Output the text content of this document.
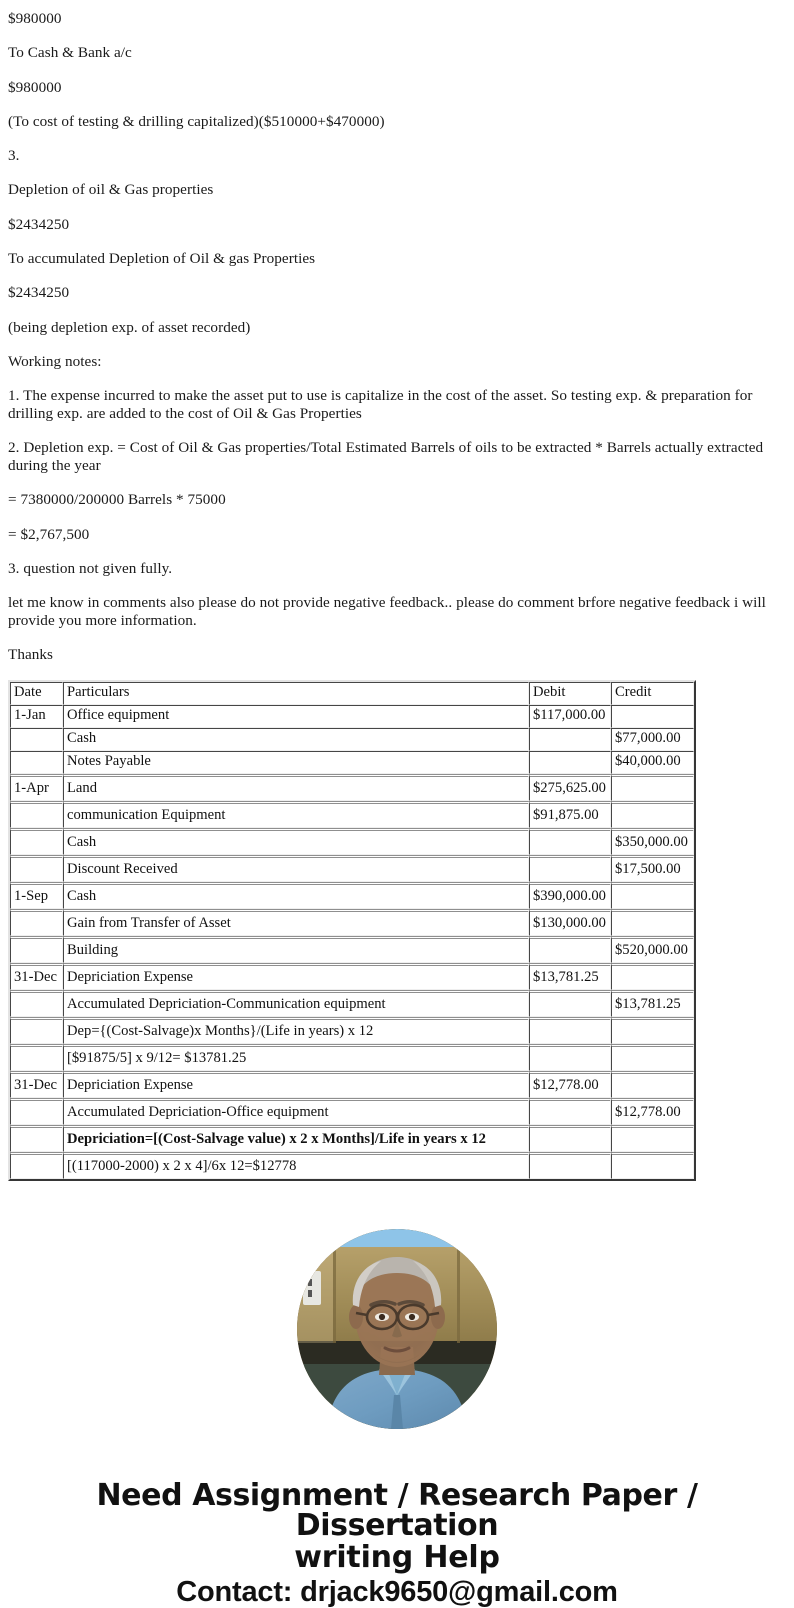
$980000

To Cash & Bank a/c

$980000

(To cost of testing & drilling capitalized)($510000+$470000)

3.

Depletion of oil & Gas properties

$2434250

To accumulated Depletion of Oil & gas Properties

$2434250

(being depletion exp. of asset recorded)

Working notes:

1. The expense incurred to make the asset put to use is capitalize in the cost of the asset. So testing exp. & preparation for drilling exp. are added to the cost of Oil & Gas Properties

2. Depletion exp. = Cost of Oil & Gas properties/Total Estimated Barrels of oils to be extracted * Barrels actually extracted during the year

= 7380000/200000 Barrels * 75000

= $2,767,500

3. question not given fully.

let me know in comments also please do not provide negative feedback.. please do comment brfore negative feedback i will provide you more information.

Thanks

Date	Particulars	Debit	Credit
1-Jan	Office equipment	$117,000.00	
	Cash		$77,000.00
	Notes Payable		$40,000.00
1-Apr	Land	$275,625.00	
	communication Equipment	$91,875.00	
	Cash		$350,000.00
	Discount Received		$17,500.00
1-Sep	Cash	$390,000.00	
	Gain from Transfer of Asset	$130,000.00	
	Building		$520,000.00
31-Dec	Depriciation Expense	$13,781.25	
	Accumulated Depriciation-Communication equipment		$13,781.25
	Dep={(Cost-Salvage)x Months}/(Life in years) x 12		
	[$91875/5] x 9/12= $13781.25		
31-Dec	Depriciation Expense	$12,778.00	
	Accumulated Depriciation-Office equipment		$12,778.00
	Depriciation=[(Cost-Salvage value) x 2 x Months]/Life in years x 12		
	[(117000-2000) x 2 x 4]/6x 12=$12778		
Need Assignment / Research Paper / Dissertation
writing Help
Contact: drjack9650@gmail.com
